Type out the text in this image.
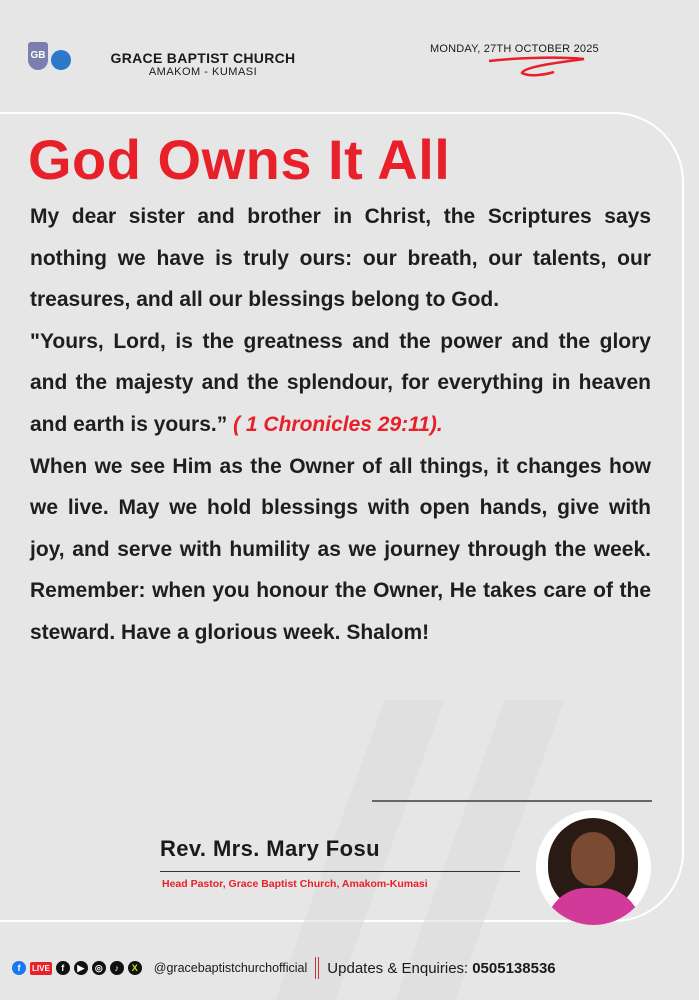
GB	GRACE BAPTIST CHURCH
AMAKOM - KUMASI
MONDAY, 27TH OCTOBER 2025
God Owns It All

My dear sister and brother in Christ, the Scriptures says nothing we have is truly ours: our breath, our talents, our treasures, and all our blessings belong to God.

"Yours, Lord, is the greatness and the power and the glory and the majesty and the splendour, for everything in heaven and earth is yours.” ( 1 Chronicles 29:11).

When we see Him as the Owner of all things, it changes how we live. May we hold blessings with open hands, give with joy, and serve with humility as we journey through the week. Remember: when you honour the Owner, He takes care of the steward. Have a glorious week. Shalom!

Rev. Mrs. Mary Fosu
Head Pastor, Grace Baptist Church, Amakom-Kumasi
f	LIVE	f	▶	◎	♪	X	@gracebaptistchurchofficial Updates & Enquiries: 0505138536
